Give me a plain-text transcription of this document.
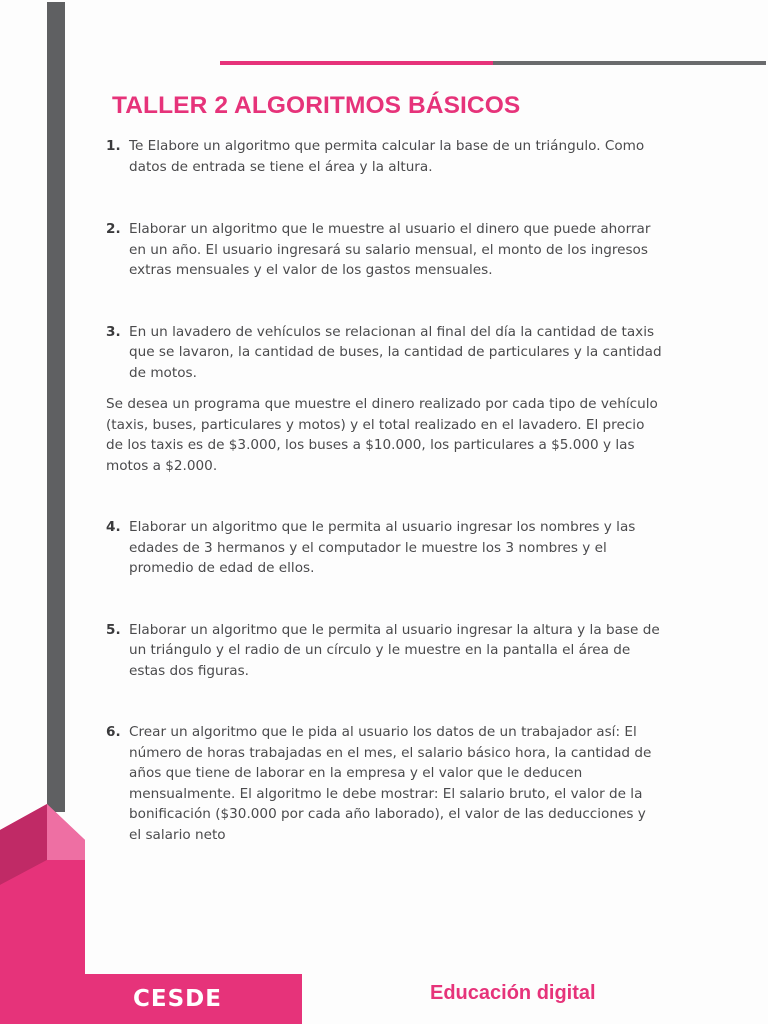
TALLER 2 ALGORITMOS BÁSICOS
1. Te Elabore un algoritmo que permita calcular la base de un triángulo. Como datos de entrada se tiene el área y la altura.

2. Elaborar un algoritmo que le muestre al usuario el dinero que puede ahorrar en un año. El usuario ingresará su salario mensual, el monto de los ingresos extras mensuales y el valor de los gastos mensuales.

3. En un lavadero de vehículos se relacionan al final del día la cantidad de taxis que se lavaron, la cantidad de buses, la cantidad de particulares y la cantidad de motos.

Se desea un programa que muestre el dinero realizado por cada tipo de vehículo (taxis, buses, particulares y motos) y el total realizado en el lavadero. El precio de los taxis es de $3.000, los buses a $10.000, los particulares a $5.000 y las motos a $2.000.

4. Elaborar un algoritmo que le permita al usuario ingresar los nombres y las edades de 3 hermanos y el computador le muestre los 3 nombres y el promedio de edad de ellos.

5. Elaborar un algoritmo que le permita al usuario ingresar la altura y la base de un triángulo y el radio de un círculo y le muestre en la pantalla el área de estas dos figuras.

6. Crear un algoritmo que le pida al usuario los datos de un trabajador así: El número de horas trabajadas en el mes, el salario básico hora, la cantidad de años que tiene de laborar en la empresa y el valor que le deducen mensualmente. El algoritmo le debe mostrar: El salario bruto, el valor de la bonificación ($30.000 por cada año laborado), el valor de las deducciones y el salario neto

CESDE	Educación digital
